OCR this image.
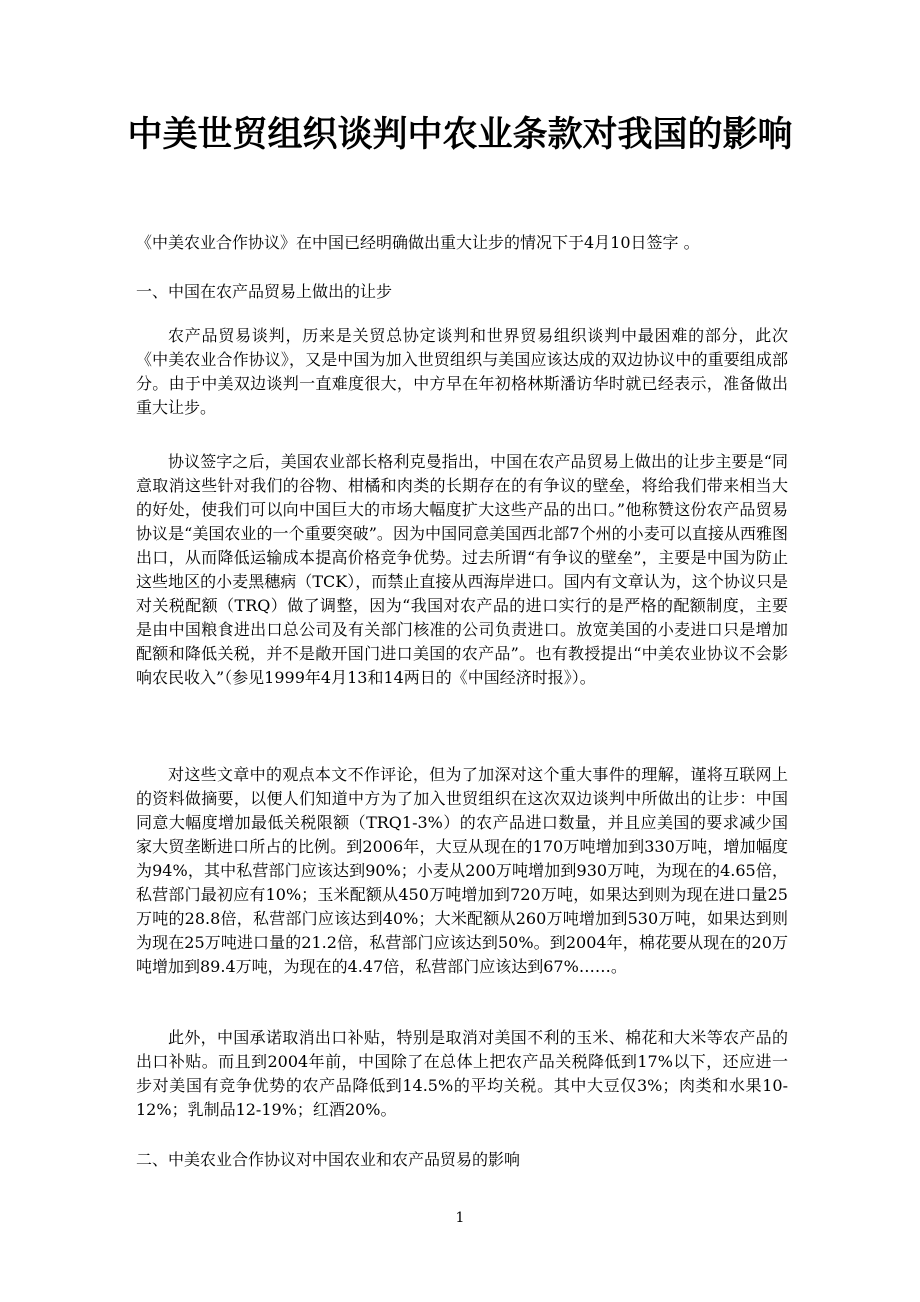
中美世贸组织谈判中农业条款对我国的影响

《中美农业合作协议》在中国已经明确做出重大让步的情况下于4月10日签字 。

一、中国在农产品贸易上做出的让步

农产品贸易谈判，历来是关贸总协定谈判和世界贸易组织谈判中最困难的部分，此次《中美农业合作协议》，又是中国为加入世贸组织与美国应该达成的双边协议中的重要组成部分。由于中美双边谈判一直难度很大，中方早在年初格林斯潘访华时就已经表示，准备做出重大让步。

协议签字之后，美国农业部长格利克曼指出，中国在农产品贸易上做出的让步主要是“同意取消这些针对我们的谷物、柑橘和肉类的长期存在的有争议的壁垒，将给我们带来相当大的好处，使我们可以向中国巨大的市场大幅度扩大这些产品的出口。”他称赞这份农产品贸易协议是“美国农业的一个重要突破”。因为中国同意美国西北部7个州的小麦可以直接从西雅图出口，从而降低运输成本提高价格竞争优势。过去所谓“有争议的壁垒”，主要是中国为防止这些地区的小麦黑穗病（TCK），而禁止直接从西海岸进口。国内有文章认为，这个协议只是对关税配额（TRQ）做了调整，因为“我国对农产品的进口实行的是严格的配额制度，主要是由中国粮食进出口总公司及有关部门核准的公司负责进口。放宽美国的小麦进口只是增加配额和降低关税，并不是敞开国门进口美国的农产品”。也有教授提出“中美农业协议不会影响农民收入”（参见1999年4月13和14两日的《中国经济时报》）。

对这些文章中的观点本文不作评论，但为了加深对这个重大事件的理解，谨将互联网上的资料做摘要，以便人们知道中方为了加入世贸组织在这次双边谈判中所做出的让步：中国同意大幅度增加最低关税限额（TRQ1-3%）的农产品进口数量，并且应美国的要求减少国家大贸垄断进口所占的比例。到2006年，大豆从现在的170万吨增加到330万吨，增加幅度为94%，其中私营部门应该达到90%；小麦从200万吨增加到930万吨，为现在的4.65倍，私营部门最初应有10%；玉米配额从450万吨增加到720万吨，如果达到则为现在进口量25万吨的28.8倍，私营部门应该达到40%；大米配额从260万吨增加到530万吨，如果达到则为现在25万吨进口量的21.2倍，私营部门应该达到50%。到2004年，棉花要从现在的20万吨增加到89.4万吨，为现在的4.47倍，私营部门应该达到67%……。

此外，中国承诺取消出口补贴，特别是取消对美国不利的玉米、棉花和大米等农产品的出口补贴。而且到2004年前，中国除了在总体上把农产品关税降低到17%以下，还应进一步对美国有竞争优势的农产品降低到14.5%的平均关税。其中大豆仅3%；肉类和水果10-12%；乳制品12-19%；红酒20%。

二、中美农业合作协议对中国农业和农产品贸易的影响

1
